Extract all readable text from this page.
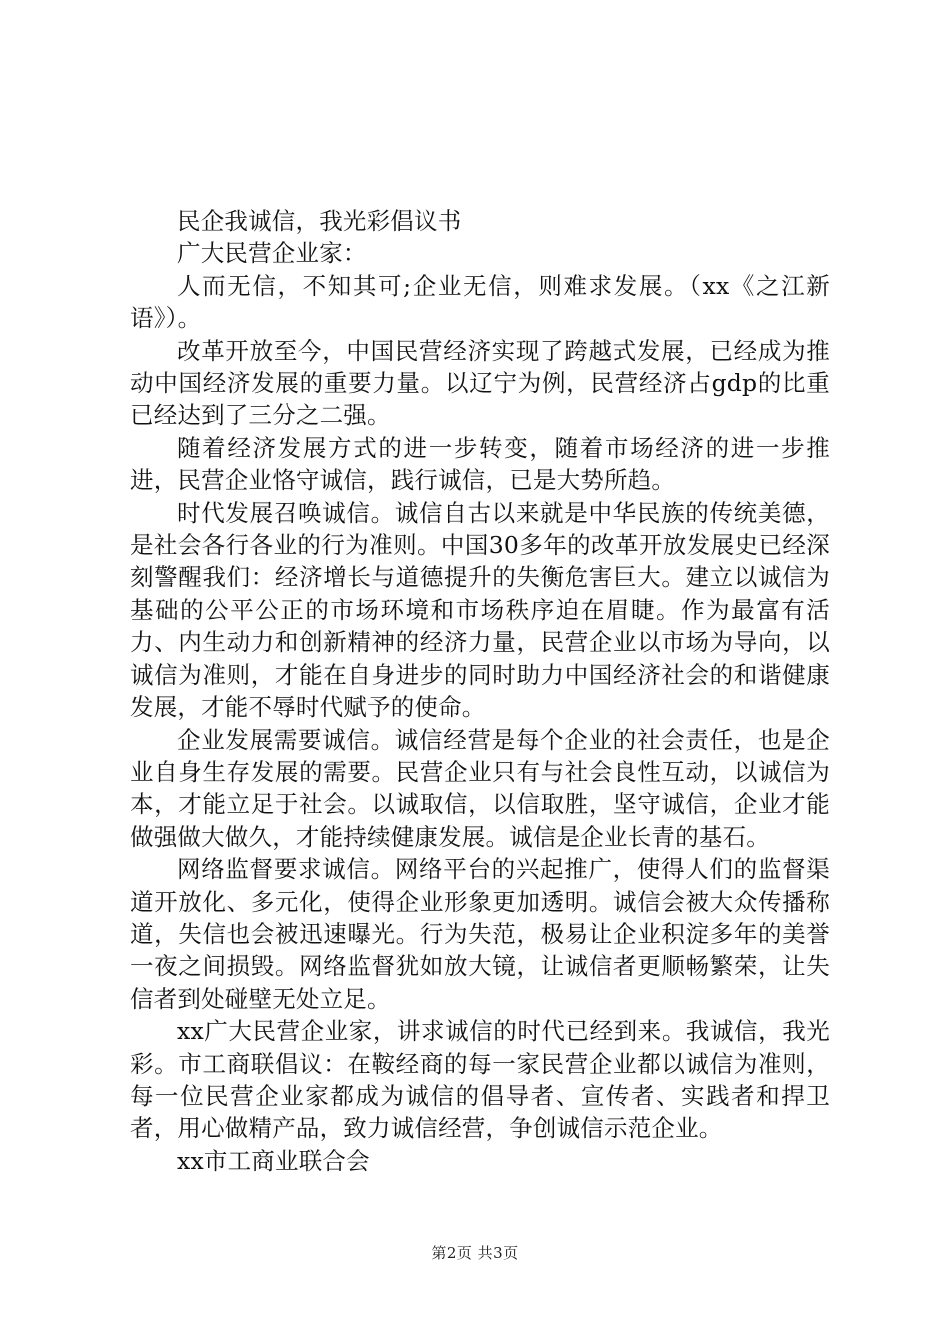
民企我诚信，我光彩倡议书

广大民营企业家：

人而无信，不知其可;企业无信，则难求发展。（xx《之江新语》）。

改革开放至今，中国民营经济实现了跨越式发展，已经成为推动中国经济发展的重要力量。以辽宁为例，民营经济占gdp的比重已经达到了三分之二强。

随着经济发展方式的进一步转变，随着市场经济的进一步推进，民营企业恪守诚信，践行诚信，已是大势所趋。

时代发展召唤诚信。诚信自古以来就是中华民族的传统美德，是社会各行各业的行为准则。中国30多年的改革开放发展史已经深刻警醒我们：经济增长与道德提升的失衡危害巨大。建立以诚信为基础的公平公正的市场环境和市场秩序迫在眉睫。作为最富有活力、内生动力和创新精神的经济力量，民营企业以市场为导向，以诚信为准则，才能在自身进步的同时助力中国经济社会的和谐健康发展，才能不辱时代赋予的使命。

企业发展需要诚信。诚信经营是每个企业的社会责任，也是企业自身生存发展的需要。民营企业只有与社会良性互动，以诚信为本，才能立足于社会。以诚取信，以信取胜，坚守诚信，企业才能做强做大做久，才能持续健康发展。诚信是企业长青的基石。

网络监督要求诚信。网络平台的兴起推广，使得人们的监督渠道开放化、多元化，使得企业形象更加透明。诚信会被大众传播称道，失信也会被迅速曝光。行为失范，极易让企业积淀多年的美誉一夜之间损毁。网络监督犹如放大镜，让诚信者更顺畅繁荣，让失信者到处碰壁无处立足。

xx广大民营企业家，讲求诚信的时代已经到来。我诚信，我光彩。市工商联倡议：在鞍经商的每一家民营企业都以诚信为准则，每一位民营企业家都成为诚信的倡导者、宣传者、实践者和捍卫者，用心做精产品，致力诚信经营，争创诚信示范企业。

xx市工商业联合会

第2页 共3页
